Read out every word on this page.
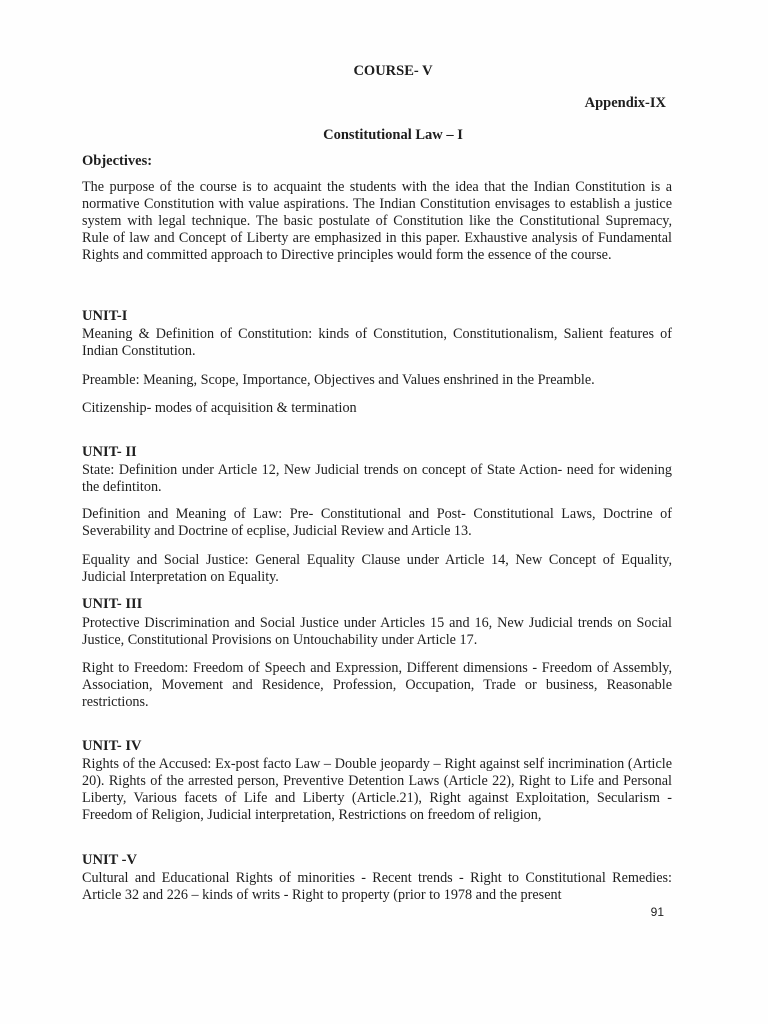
COURSE- V
Appendix-IX
Constitutional Law – I
Objectives:

The purpose of the course is to acquaint the students with the idea that the Indian Constitution is a normative Constitution with value aspirations. The Indian Constitution envisages to establish a justice system with legal technique. The basic postulate of Constitution like the Constitutional Supremacy, Rule of law and Concept of Liberty are emphasized in this paper. Exhaustive analysis of Fundamental Rights and committed approach to Directive principles would form the essence of the course.

UNIT-I

Meaning & Definition of Constitution: kinds of Constitution, Constitutionalism, Salient features of Indian Constitution.

Preamble: Meaning, Scope, Importance, Objectives and Values enshrined in the Preamble.

Citizenship- modes of acquisition & termination

UNIT- II

State: Definition under Article 12, New Judicial trends on concept of State Action- need for widening the defintiton.

Definition and Meaning of Law: Pre- Constitutional and Post- Constitutional Laws, Doctrine of Severability and Doctrine of ecplise, Judicial Review and Article 13.

Equality and Social Justice: General Equality Clause under Article 14, New Concept of Equality, Judicial Interpretation on Equality.

UNIT- III

Protective Discrimination and Social Justice under Articles 15 and 16, New Judicial trends on Social Justice, Constitutional Provisions on Untouchability under Article 17.

Right to Freedom: Freedom of Speech and Expression, Different dimensions - Freedom of Assembly, Association, Movement and Residence, Profession, Occupation, Trade or business, Reasonable restrictions.

UNIT- IV

Rights of the Accused: Ex-post facto Law – Double jeopardy – Right against self incrimination (Article 20). Rights of the arrested person, Preventive Detention Laws (Article 22), Right to Life and Personal Liberty, Various facets of Life and Liberty (Article.21), Right against Exploitation, Secularism - Freedom of Religion, Judicial interpretation, Restrictions on freedom of religion,

UNIT -V

Cultural and Educational Rights of minorities - Recent trends - Right to Constitutional Remedies: Article 32 and 226 – kinds of writs - Right to property (prior to 1978 and the present

91
